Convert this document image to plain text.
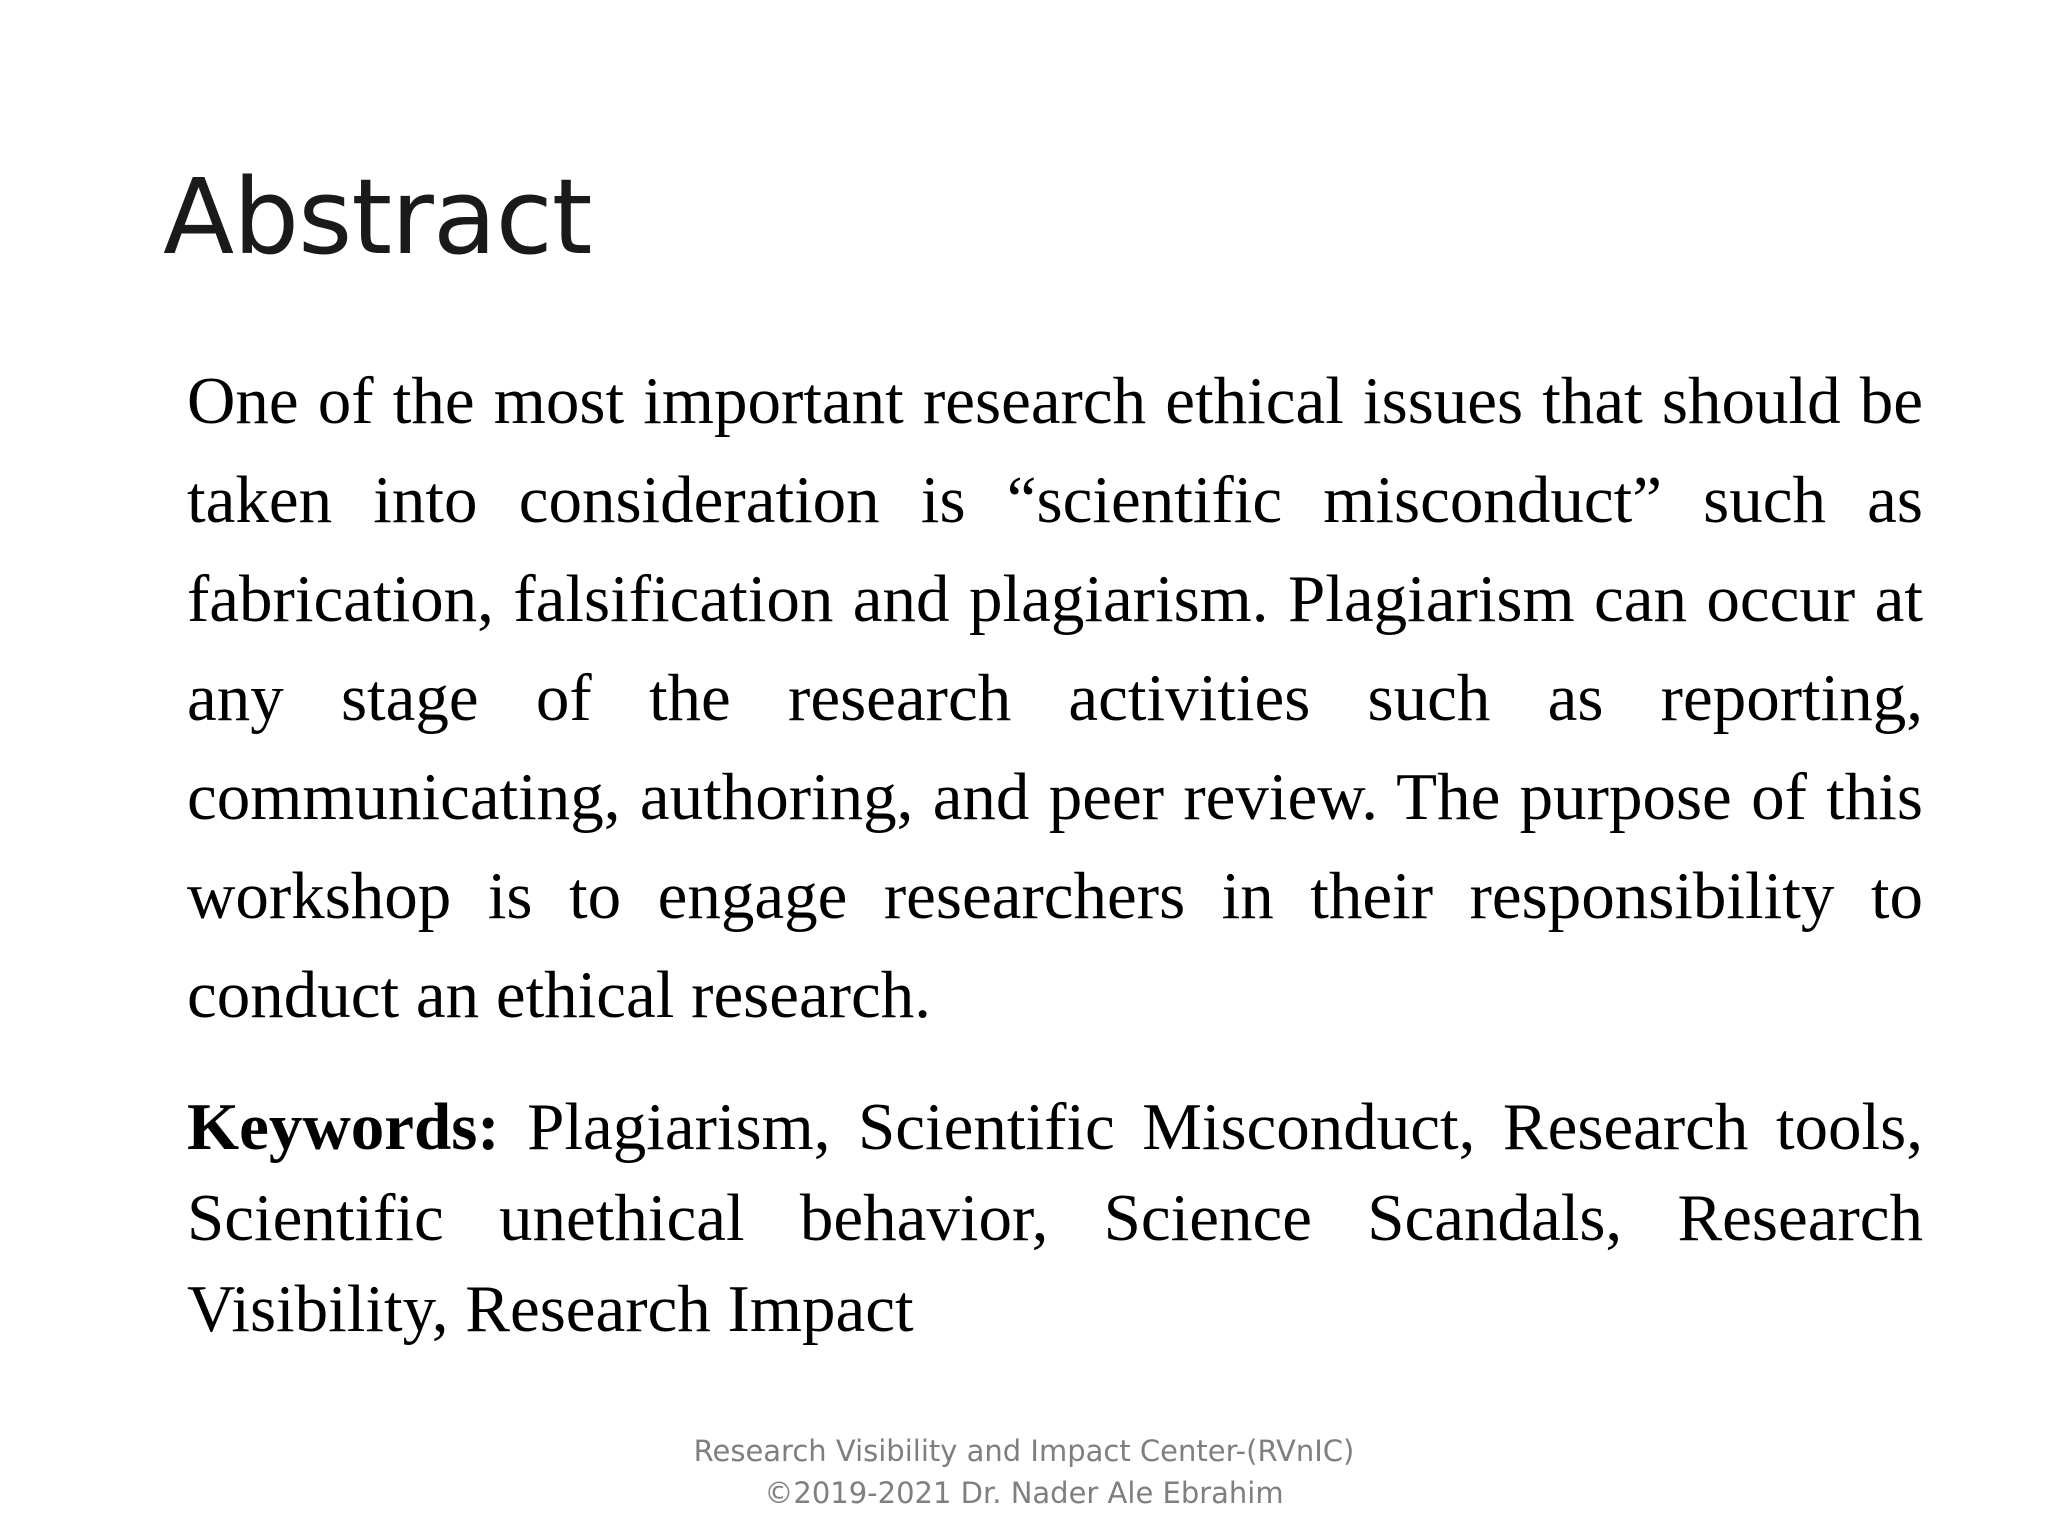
Abstract

One of the most important research ethical issues that should be taken into consideration is “scientific misconduct” such as fabrication, falsification and plagiarism. Plagiarism can occur at any stage of the research activities such as reporting, communicating, authoring, and peer review. The purpose of this workshop is to engage researchers in their responsibility to conduct an ethical research.

Keywords: Plagiarism, Scientific Misconduct, Research tools, Scientific unethical behavior, Science Scandals, Research Visibility, Research Impact

Research Visibility and Impact Center-(RVnIC)
©2019-2021 Dr. Nader Ale Ebrahim
